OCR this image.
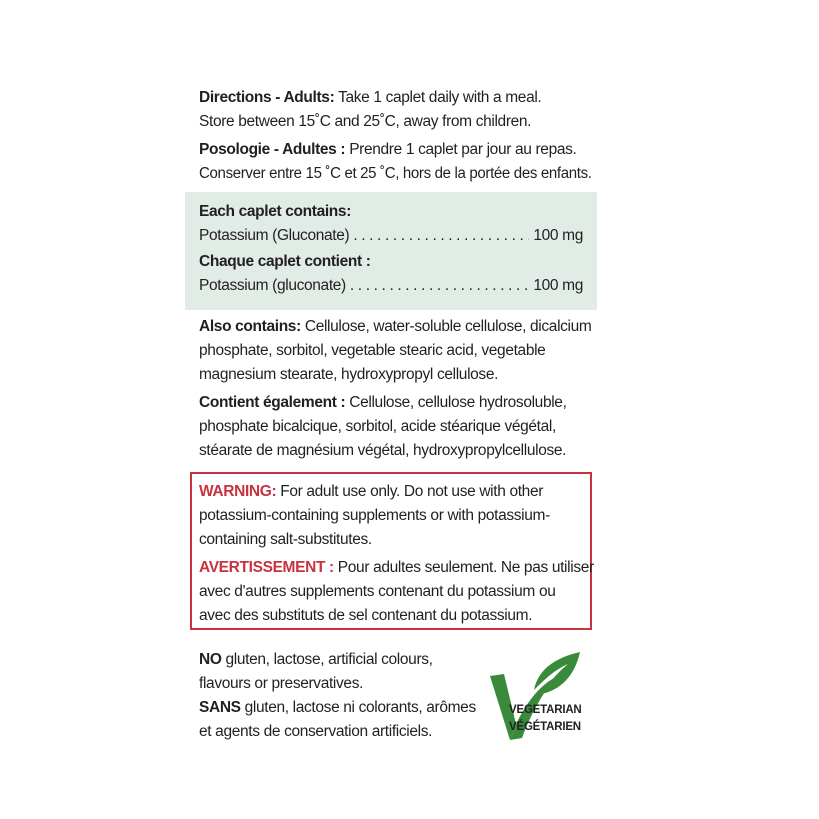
Directions - Adults: Take 1 caplet daily with a meal.
Store between 15˚C and 25˚C, away from children.
Posologie - Adultes : Prendre 1 caplet par jour au repas.
Conserver entre 15 ˚C et 25 ˚C, hors de la portée des enfants.
Each caplet contains:
Potassium (Gluconate) . . .	100 mg
Chaque caplet contient :
Potassium (gluconate) . . .	100 mg
Also contains: Cellulose, water-soluble cellulose, dicalcium
phosphate, sorbitol, vegetable stearic acid, vegetable
magnesium stearate, hydroxypropyl cellulose.
Contient également : Cellulose, cellulose hydrosoluble,
phosphate bicalcique, sorbitol, acide stéarique végétal,
stéarate de magnésium végétal, hydroxypropylcellulose.
WARNING: For adult use only. Do not use with other
potassium-containing supplements or with potassium-
containing salt-substitutes.
AVERTISSEMENT : Pour adultes seulement. Ne pas utiliser
avec d'autres supplements contenant du potassium ou
avec des substituts de sel contenant du potassium.
NO gluten, lactose, artificial colours,
flavours or preservatives.
SANS gluten, lactose ni colorants, arômes
et agents de conservation artificiels.
VEGETARIAN
VÉGÉTARIEN
